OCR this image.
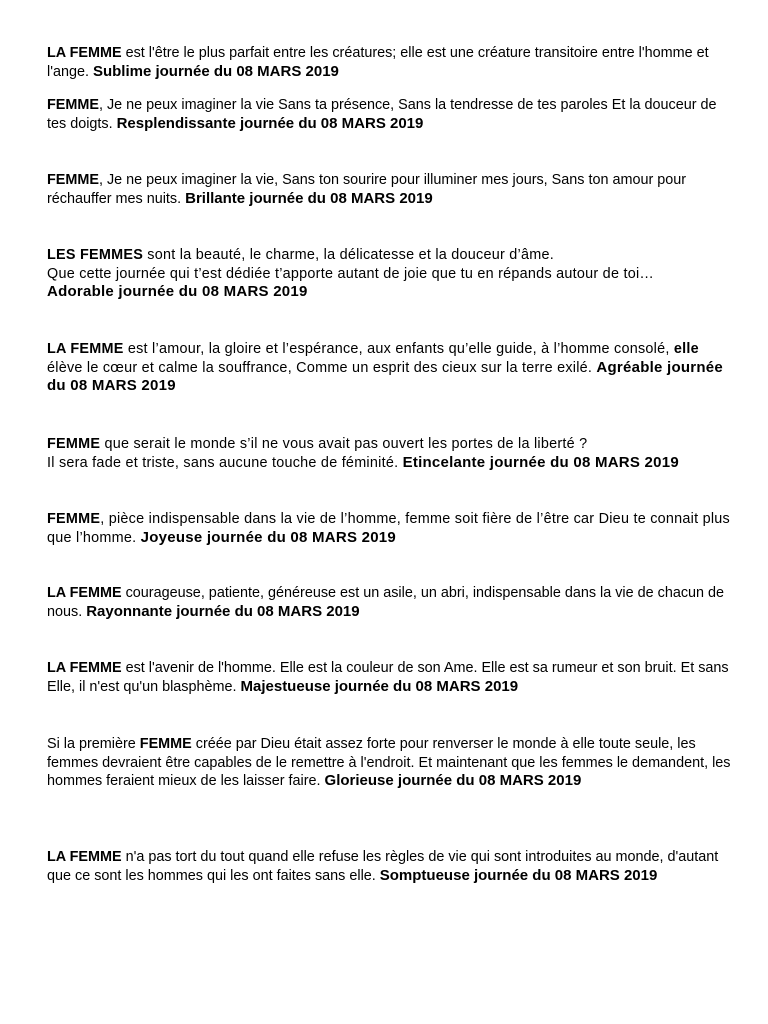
LA FEMME est l'être le plus parfait entre les créatures; elle est une créature transitoire entre l'homme et l'ange. Sublime journée du 08 MARS 2019

FEMME, Je ne peux imaginer la vie Sans ta présence, Sans la tendresse de tes paroles Et la douceur de tes doigts. Resplendissante journée du 08 MARS 2019

FEMME, Je ne peux imaginer la vie, Sans ton sourire pour illuminer mes jours, Sans ton amour pour réchauffer mes nuits. Brillante journée du 08 MARS 2019

LES FEMMES sont la beauté, le charme, la délicatesse et la douceur d’âme.
Que cette journée qui t’est dédiée t’apporte autant de joie que tu en répands autour de toi…
Adorable journée du 08 MARS 2019

LA FEMME est l’amour, la gloire et l’espérance, aux enfants qu’elle guide, à l’homme consolé, elle élève le cœur et calme la souffrance, Comme un esprit des cieux sur la terre exilé. Agréable journée du 08 MARS 2019

FEMME que serait le monde s’il ne vous avait pas ouvert les portes de la liberté ?
Il sera fade et triste, sans aucune touche de féminité. Etincelante journée du 08 MARS 2019

FEMME, pièce indispensable dans la vie de l’homme, femme soit fière de l’être car Dieu te connait plus que l’homme. Joyeuse journée du 08 MARS 2019

LA FEMME courageuse, patiente, généreuse est un asile, un abri, indispensable dans la vie de chacun de nous. Rayonnante journée du 08 MARS 2019

LA FEMME est l'avenir de l'homme. Elle est la couleur de son Ame. Elle est sa rumeur et son bruit. Et sans Elle, il n'est qu'un blasphème. Majestueuse journée du 08 MARS 2019

Si la première FEMME créée par Dieu était assez forte pour renverser le monde à elle toute seule, les femmes devraient être capables de le remettre à l'endroit. Et maintenant que les femmes le demandent, les hommes feraient mieux de les laisser faire. Glorieuse journée du 08 MARS 2019

LA FEMME n'a pas tort du tout quand elle refuse les règles de vie qui sont introduites au monde, d'autant que ce sont les hommes qui les ont faites sans elle. Somptueuse journée du 08 MARS 2019
